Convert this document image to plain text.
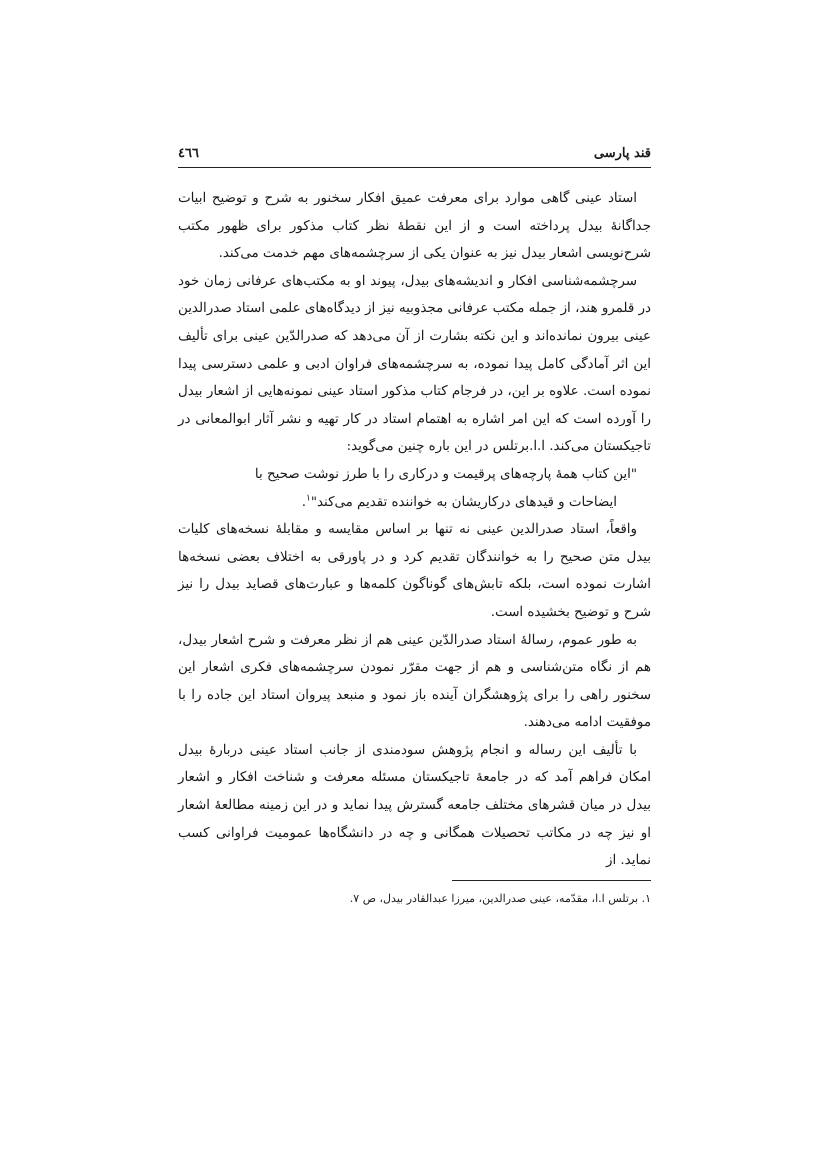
قند پارسی
٤٦٦

استاد عینی گاهی موارد برای معرفت عمیق افکار سخنور به شرح و توضیح ابیات جداگانهٔ بیدل پرداخته است و از این نقطهٔ نظر کتاب مذکور برای ظهور مکتب شرح‌نویسی اشعار بیدل نیز به عنوان یکی از سرچشمه‌های مهم خدمت می‌کند.

سرچشمه‌شناسی افکار و اندیشه‌های بیدل، پیوند او به مکتب‌های عرفانی زمان خود در قلمرو هند، از جمله مکتب عرفانی مجذوبیه نیز از دیدگاه‌های علمی استاد صدرالدین عینی بیرون نمانده‌اند و این نکته بشارت از آن می‌دهد که صدرالدّین عینی برای تألیف این اثر آمادگی کامل پیدا نموده، به سرچشمه‌های فراوان ادبی و علمی دسترسی پیدا نموده است. علاوه بر این، در فرجام کتاب مذکور استاد عینی نمونه‌هایی از اشعار بیدل را آورده است که این امر اشاره به اهتمام استاد در کار تهیه و نشر آثار ابوالمعانی در تاجیکستان می‌کند. ا.ا.برتلس در این باره چنین می‌گوید:

"این کتاب همهٔ پارچه‌های پرقیمت و درکاری را با طرز نوشت صحیح با

ایضاحات و قیدهای درکاریشان به خواننده تقدیم می‌کند"$^١$.

واقعاً، استاد صدرالدین عینی نه تنها بر اساس مقایسه و مقابلهٔ نسخه‌های کلیات بیدل متن صحیح را به خوانندگان تقدیم کرد و در پاورقی به اختلاف بعضی نسخه‌ها اشارت نموده است، بلکه تابش‌های گوناگون کلمه‌ها و عبارت‌های قصاید بیدل را نیز شرح و توضیح بخشیده است.

به طور عموم، رسالهٔ استاد صدرالدّین عینی هم از نظر معرفت و شرح اشعار بیدل، هم از نگاه متن‌شناسی و هم از جهت مقرّر نمودن سرچشمه‌های فکری اشعار این سخنور راهی را برای پژوهشگران آینده باز نمود و منبعد پیروان استاد این جاده را با موفقیت ادامه می‌دهند.

با تألیف این رساله و انجام پژوهش سودمندی از جانب استاد عینی دربارهٔ بیدل امکان فراهم آمد که در جامعهٔ تاجیکستان مسئله معرفت و شناخت افکار و اشعار بیدل در میان قشرهای مختلف جامعه گسترش پیدا نماید و در این زمینه مطالعهٔ اشعار او نیز چه در مکاتب تحصیلات همگانی و چه در دانشگاه‌ها عمومیت فراوانی کسب نماید. از

١. برتلس ا.ا، مقدّمه، عینی صدرالدین، میرزا عبدالقادر بیدل، ص ٧.
